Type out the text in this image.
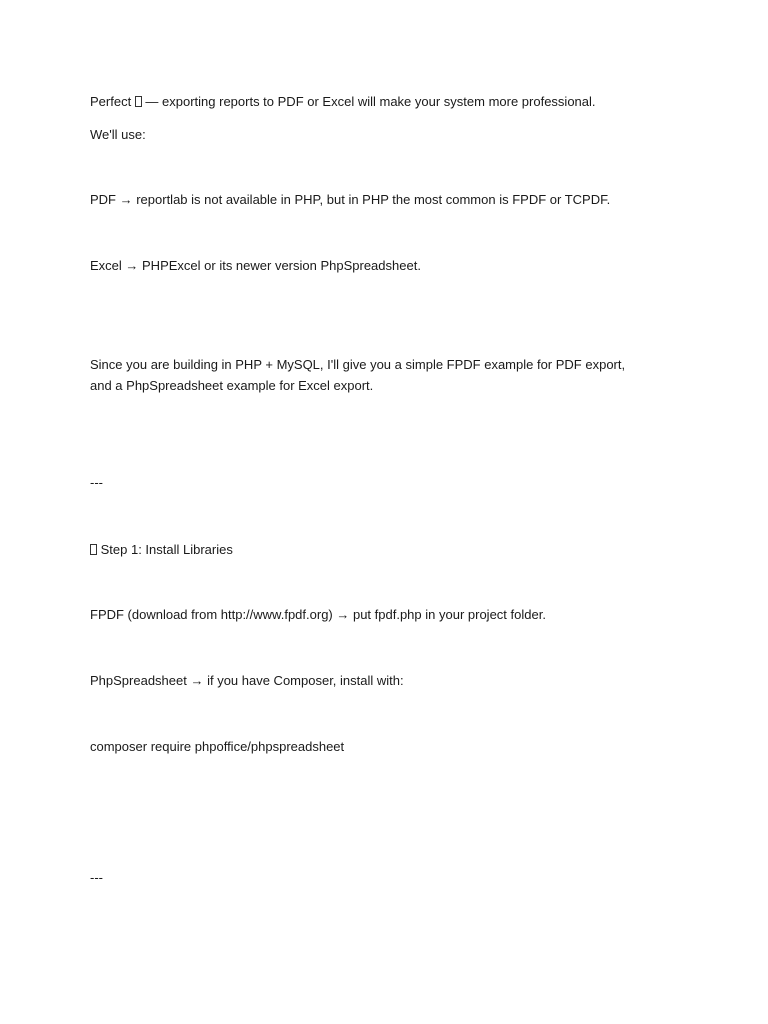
Perfect  — exporting reports to PDF or Excel will make your system more professional.

We'll use:

PDF → reportlab is not available in PHP, but in PHP the most common is FPDF or TCPDF.

Excel → PHPExcel or its newer version PhpSpreadsheet.

Since you are building in PHP + MySQL, I'll give you a simple FPDF example for PDF export, and a PhpSpreadsheet example for Excel export.

---

Step 1: Install Libraries

FPDF (download from http://www.fpdf.org) → put fpdf.php in your project folder.

PhpSpreadsheet → if you have Composer, install with:

composer require phpoffice/phpspreadsheet

---
